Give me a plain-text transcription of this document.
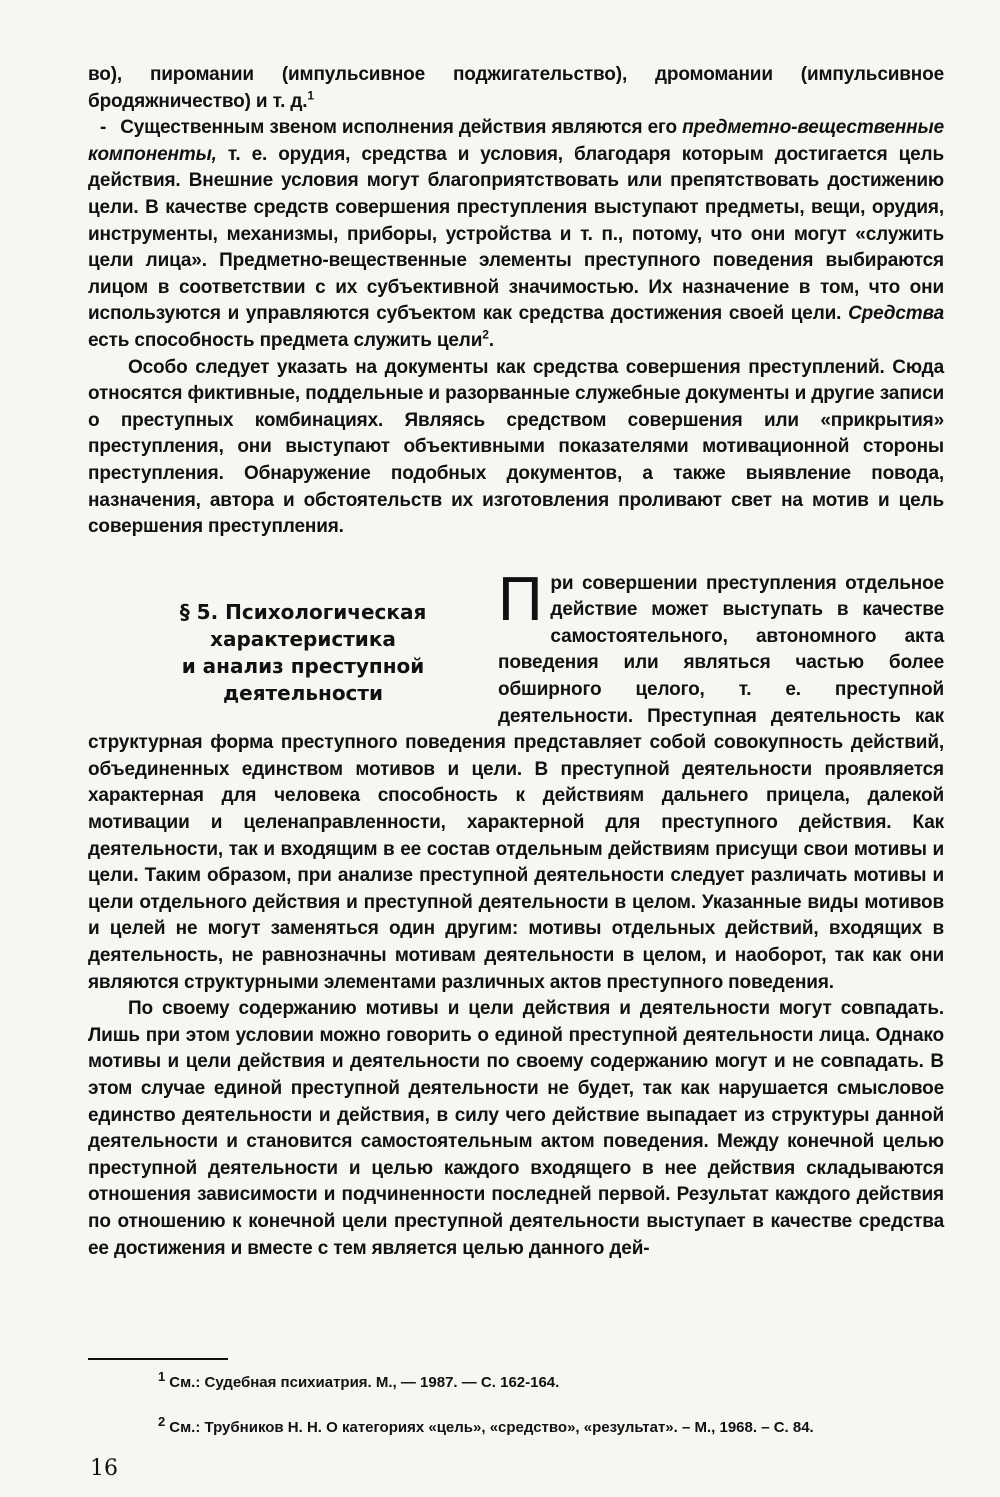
во), пиромании (импульсивное поджигательство), дромомании (импульсивное бродяжничество) и т. д.$^1$

- Существенным звеном исполнения действия являются его предметно-вещественные компоненты, т. е. орудия, средства и условия, благодаря которым достигается цель действия. Внешние условия могут благоприятствовать или препятствовать достижению цели. В качестве средств совершения преступления выступают предметы, вещи, орудия, инструменты, механизмы, приборы, устройства и т. п., потому, что они могут «служить цели лица». Предметно-вещественные элементы преступного поведения выбираются лицом в соответствии с их субъективной значимостью. Их назначение в том, что они используются и управляются субъектом как средства достижения своей цели. Средства есть способность предмета служить цели$^2$.

Особо следует указать на документы как средства совершения преступлений. Сюда относятся фиктивные, поддельные и разорванные служебные документы и другие записи о преступных комбинациях. Являясь средством совершения или «прикрытия» преступления, они выступают объективными показателями мотивационной стороны преступления. Обнаружение подобных документов, а также выявление повода, назначения, автора и обстоятельств их изготовления проливают свет на мотив и цель совершения преступления.

§ 5. Психологическая
характеристика
и анализ преступной
деятельности

При совершении преступления отдельное действие может выступать в качестве самостоятельного, автономного акта поведения или являться частью более обширного целого, т. е. преступной деятельности. Преступная деятельность как структурная форма преступного поведения представляет собой совокупность действий, объединенных единством мотивов и цели. В преступной деятельности проявляется характерная для человека способность к действиям дальнего прицела, далекой мотивации и целенаправленности, характерной для преступного действия. Как деятельности, так и входящим в ее состав отдельным действиям присущи свои мотивы и цели. Таким образом, при анализе преступной деятельности следует различать мотивы и цели отдельного действия и преступной деятельности в целом. Указанные виды мотивов и целей не могут заменяться один другим: мотивы отдельных действий, входящих в деятельность, не равнозначны мотивам деятельности в целом, и наоборот, так как они являются структурными элементами различных актов преступного поведения.

По своему содержанию мотивы и цели действия и деятельности могут совпадать. Лишь при этом условии можно говорить о единой преступной деятельности лица. Однако мотивы и цели действия и деятельности по своему содержанию могут и не совпадать. В этом случае единой преступной деятельности не будет, так как нарушается смысловое единство деятельности и действия, в силу чего действие выпадает из структуры данной деятельности и становится самостоятельным актом поведения. Между конечной целью преступной деятельности и целью каждого входящего в нее действия складываются отношения зависимости и подчиненности последней первой. Результат каждого действия по отношению к конечной цели преступной деятельности выступает в качестве средства ее достижения и вместе с тем является целью данного дей-

$^1$ См.: Судебная психиатрия. М., — 1987. — С. 162-164.

$^2$ См.: Трубников Н. Н. О категориях «цель», «средство», «результат». – М., 1968. – С. 84.

16
